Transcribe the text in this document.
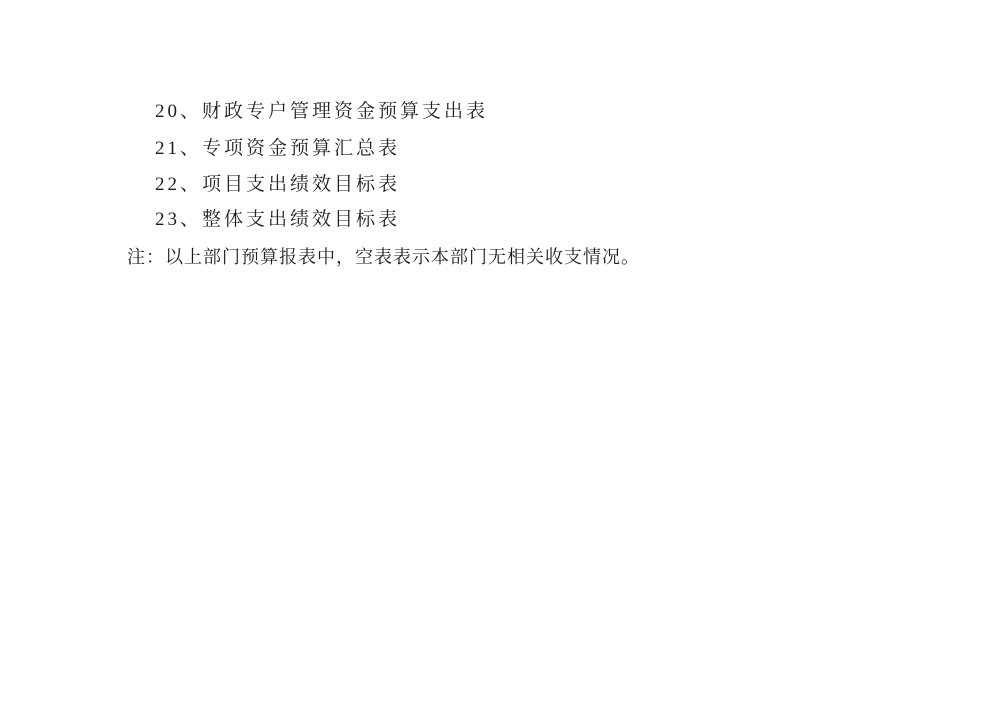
20、财政专户管理资金预算支出表
21、专项资金预算汇总表
22、项目支出绩效目标表
23、整体支出绩效目标表
注：以上部门预算报表中，空表表示本部门无相关收支情况。
